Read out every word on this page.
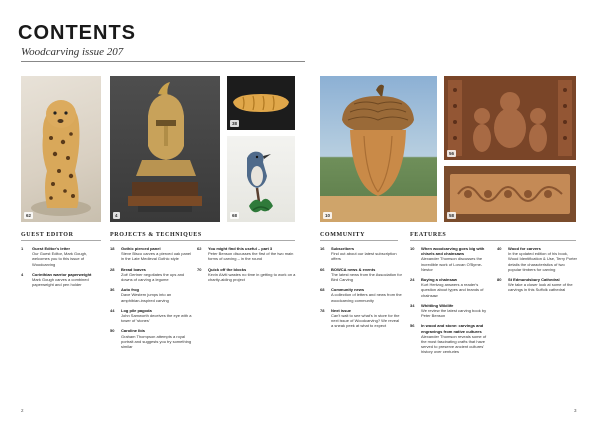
CONTENTS
Woodcarving issue 207
62	4
38
68	10
56
58
GUEST EDITOR	PROJECTS & TECHNIQUES	COMMUNITY	FEATURES
1	Guest Editor's letter
Our Guest Editor, Mark Gough, welcomes you to this issue of Woodcarving
4	Corinthian warrior paperweight
Mark Gough carves a combined paperweight and pen holder
18	Gothic pierced panel
Steve Bisco carves a pierced oak panel in the Late Medieval Gothic style
28	Bread loaves
Zoë Gertner negotiates the ups and downs of carving a legume
36	Auto frog
Dave Western jumps into an amphibian-inspired carving
44	Log pile pagoda
John Samworth deceives the eye with a tower of 'stones'
50	Caroline Ibis
Graham Thompson attempts a royal portrait and suggests you try something similar
62	You might find this useful – part 3
Peter Benson discusses the first of the two main forms of carving – in the round
70	Quick off the blocks
Kevin Alviti wastes no time in getting to work on a charity-aiding project
16	Subscribers
Find out about our latest subscription offers
66	BOWCA news & events
The latest news from the Association for Bird Carving
68	Community news
A collection of letters and news from the woodcarving community
78	Next issue
Can't wait to see what's in store for the next issue of Woodcarving? We reveal a sneak peek at what to expect
10	When woodcarving goes big with chisels and chainsaws
Alexander Thomson discusses the incredible work of Lorcan O'Byrne-Nestor
24	Buying a chainsaw
Kurt Hertzog answers a reader's question about types and brands of chainsaw
34	Whittling Wildlife
We review the latest carving book by Peter Benson
56	In wood and stone: carvings and engravings from native cultures
Alexander Thomson reveals some of the most fascinating crafts that have served to preserve ancient cultures' history over centuries
40	Wood for carvers
In the updated edition of his book, Wood Identification & Use, Terry Porter details the characteristics of two popular timbers for carving
80	St Edmundsbury Cathedral
We take a closer look at some of the carvings in this Suffolk cathedral
2	3
